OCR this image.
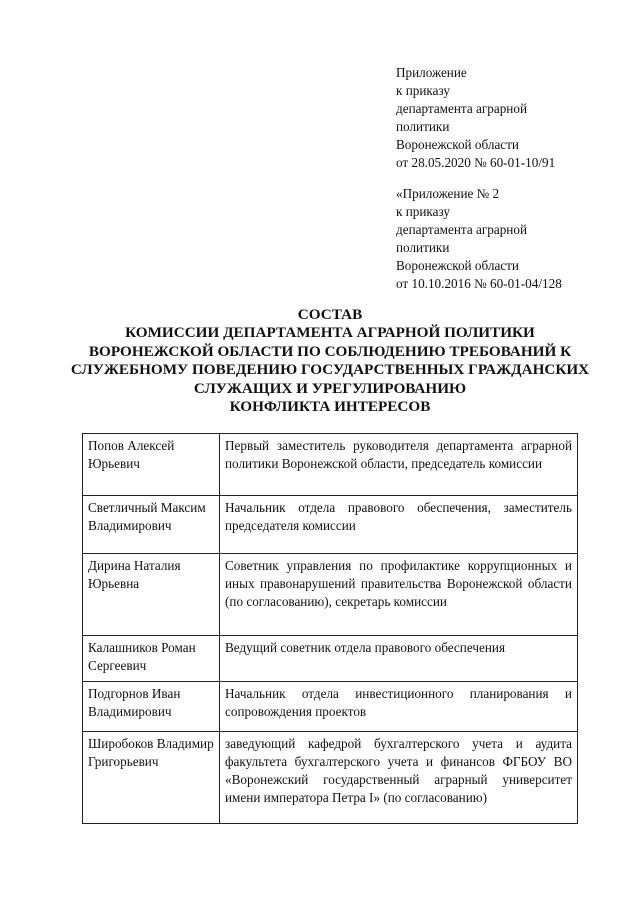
Приложение
к приказу
департамента аграрной
политики
Воронежской области
от 28.05.2020 № 60-01-10/91
«Приложение № 2
к приказу
департамента аграрной
политики
Воронежской области
от 10.10.2016 № 60-01-04/128
СОСТАВ
КОМИССИИ ДЕПАРТАМЕНТА АГРАРНОЙ ПОЛИТИКИ
ВОРОНЕЖСКОЙ ОБЛАСТИ ПО СОБЛЮДЕНИЮ ТРЕБОВАНИЙ К
СЛУЖЕБНОМУ ПОВЕДЕНИЮ ГОСУДАРСТВЕННЫХ ГРАЖДАНСКИХ
СЛУЖАЩИХ И УРЕГУЛИРОВАНИЮ
КОНФЛИКТА ИНТЕРЕСОВ
Попов Алексей Юрьевич	Первый заместитель руководителя департамента аграрной политики Воронежской области, председатель комиссии
Светличный Максим Владимирович	Начальник отдела правового обеспечения, заместитель председателя комиссии
Дирина Наталия Юрьевна	Советник управления по профилактике коррупционных и иных правонарушений правительства Воронежской области (по согласованию), секретарь комиссии
Калашников Роман Сергеевич	Ведущий советник отдела правового обеспечения
Подгорнов Иван Владимирович	Начальник отдела инвестиционного планирования и сопровождения проектов
Широбоков Владимир Григорьевич	заведующий кафедрой бухгалтерского учета и аудита факультета бухгалтерского учета и финансов ФГБОУ ВО «Воронежский государственный аграрный университет имени императора Петра I» (по согласованию)
